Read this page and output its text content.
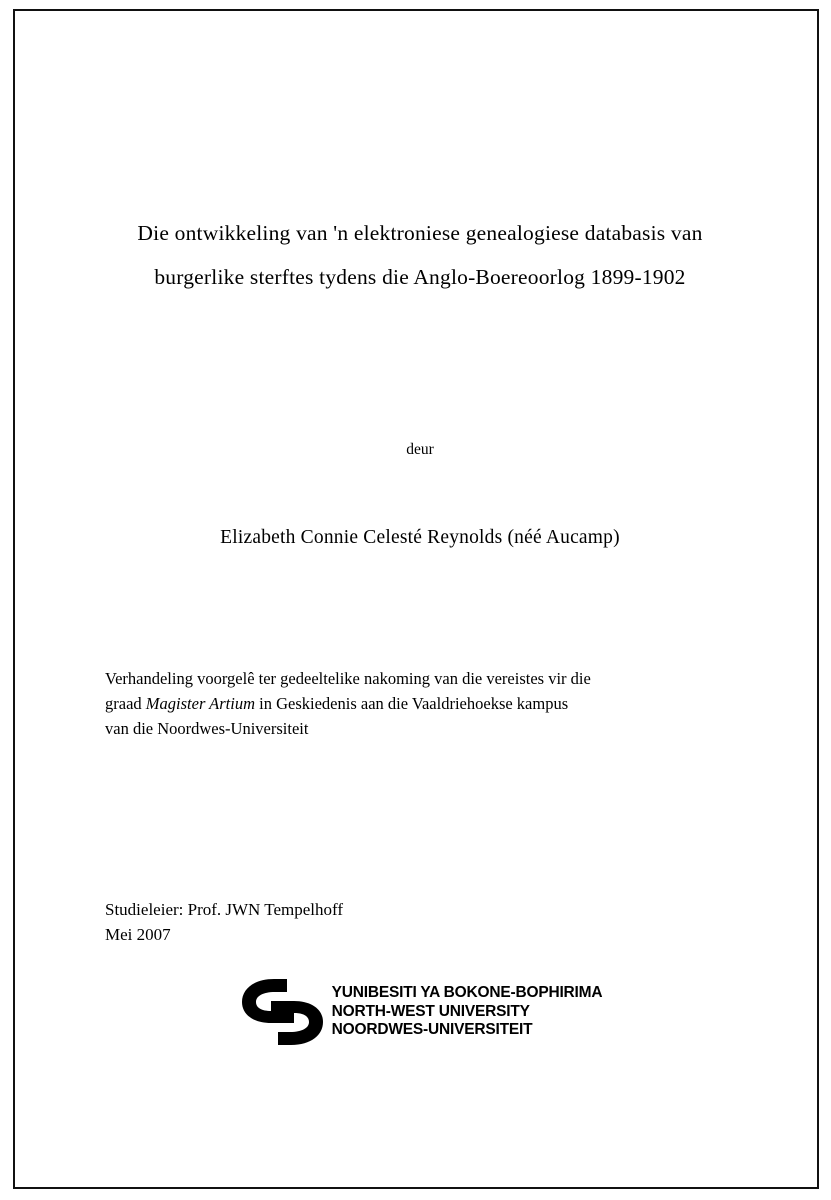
Die ontwikkeling van 'n elektroniese genealogiese databasis van
burgerlike sterftes tydens die Anglo-Boereoorlog 1899-1902
deur
Elizabeth Connie Celesté Reynolds (néé Aucamp)
Verhandeling voorgelê ter gedeeltelike nakoming van die vereistes vir die
graad Magister Artium in Geskiedenis aan die Vaaldriehoekse kampus
van die Noordwes-Universiteit
Studieleier: Prof. JWN Tempelhoff
Mei 2007
YUNIBESITI YA BOKONE-BOPHIRIMA
NORTH-WEST UNIVERSITY
NOORDWES-UNIVERSITEIT
